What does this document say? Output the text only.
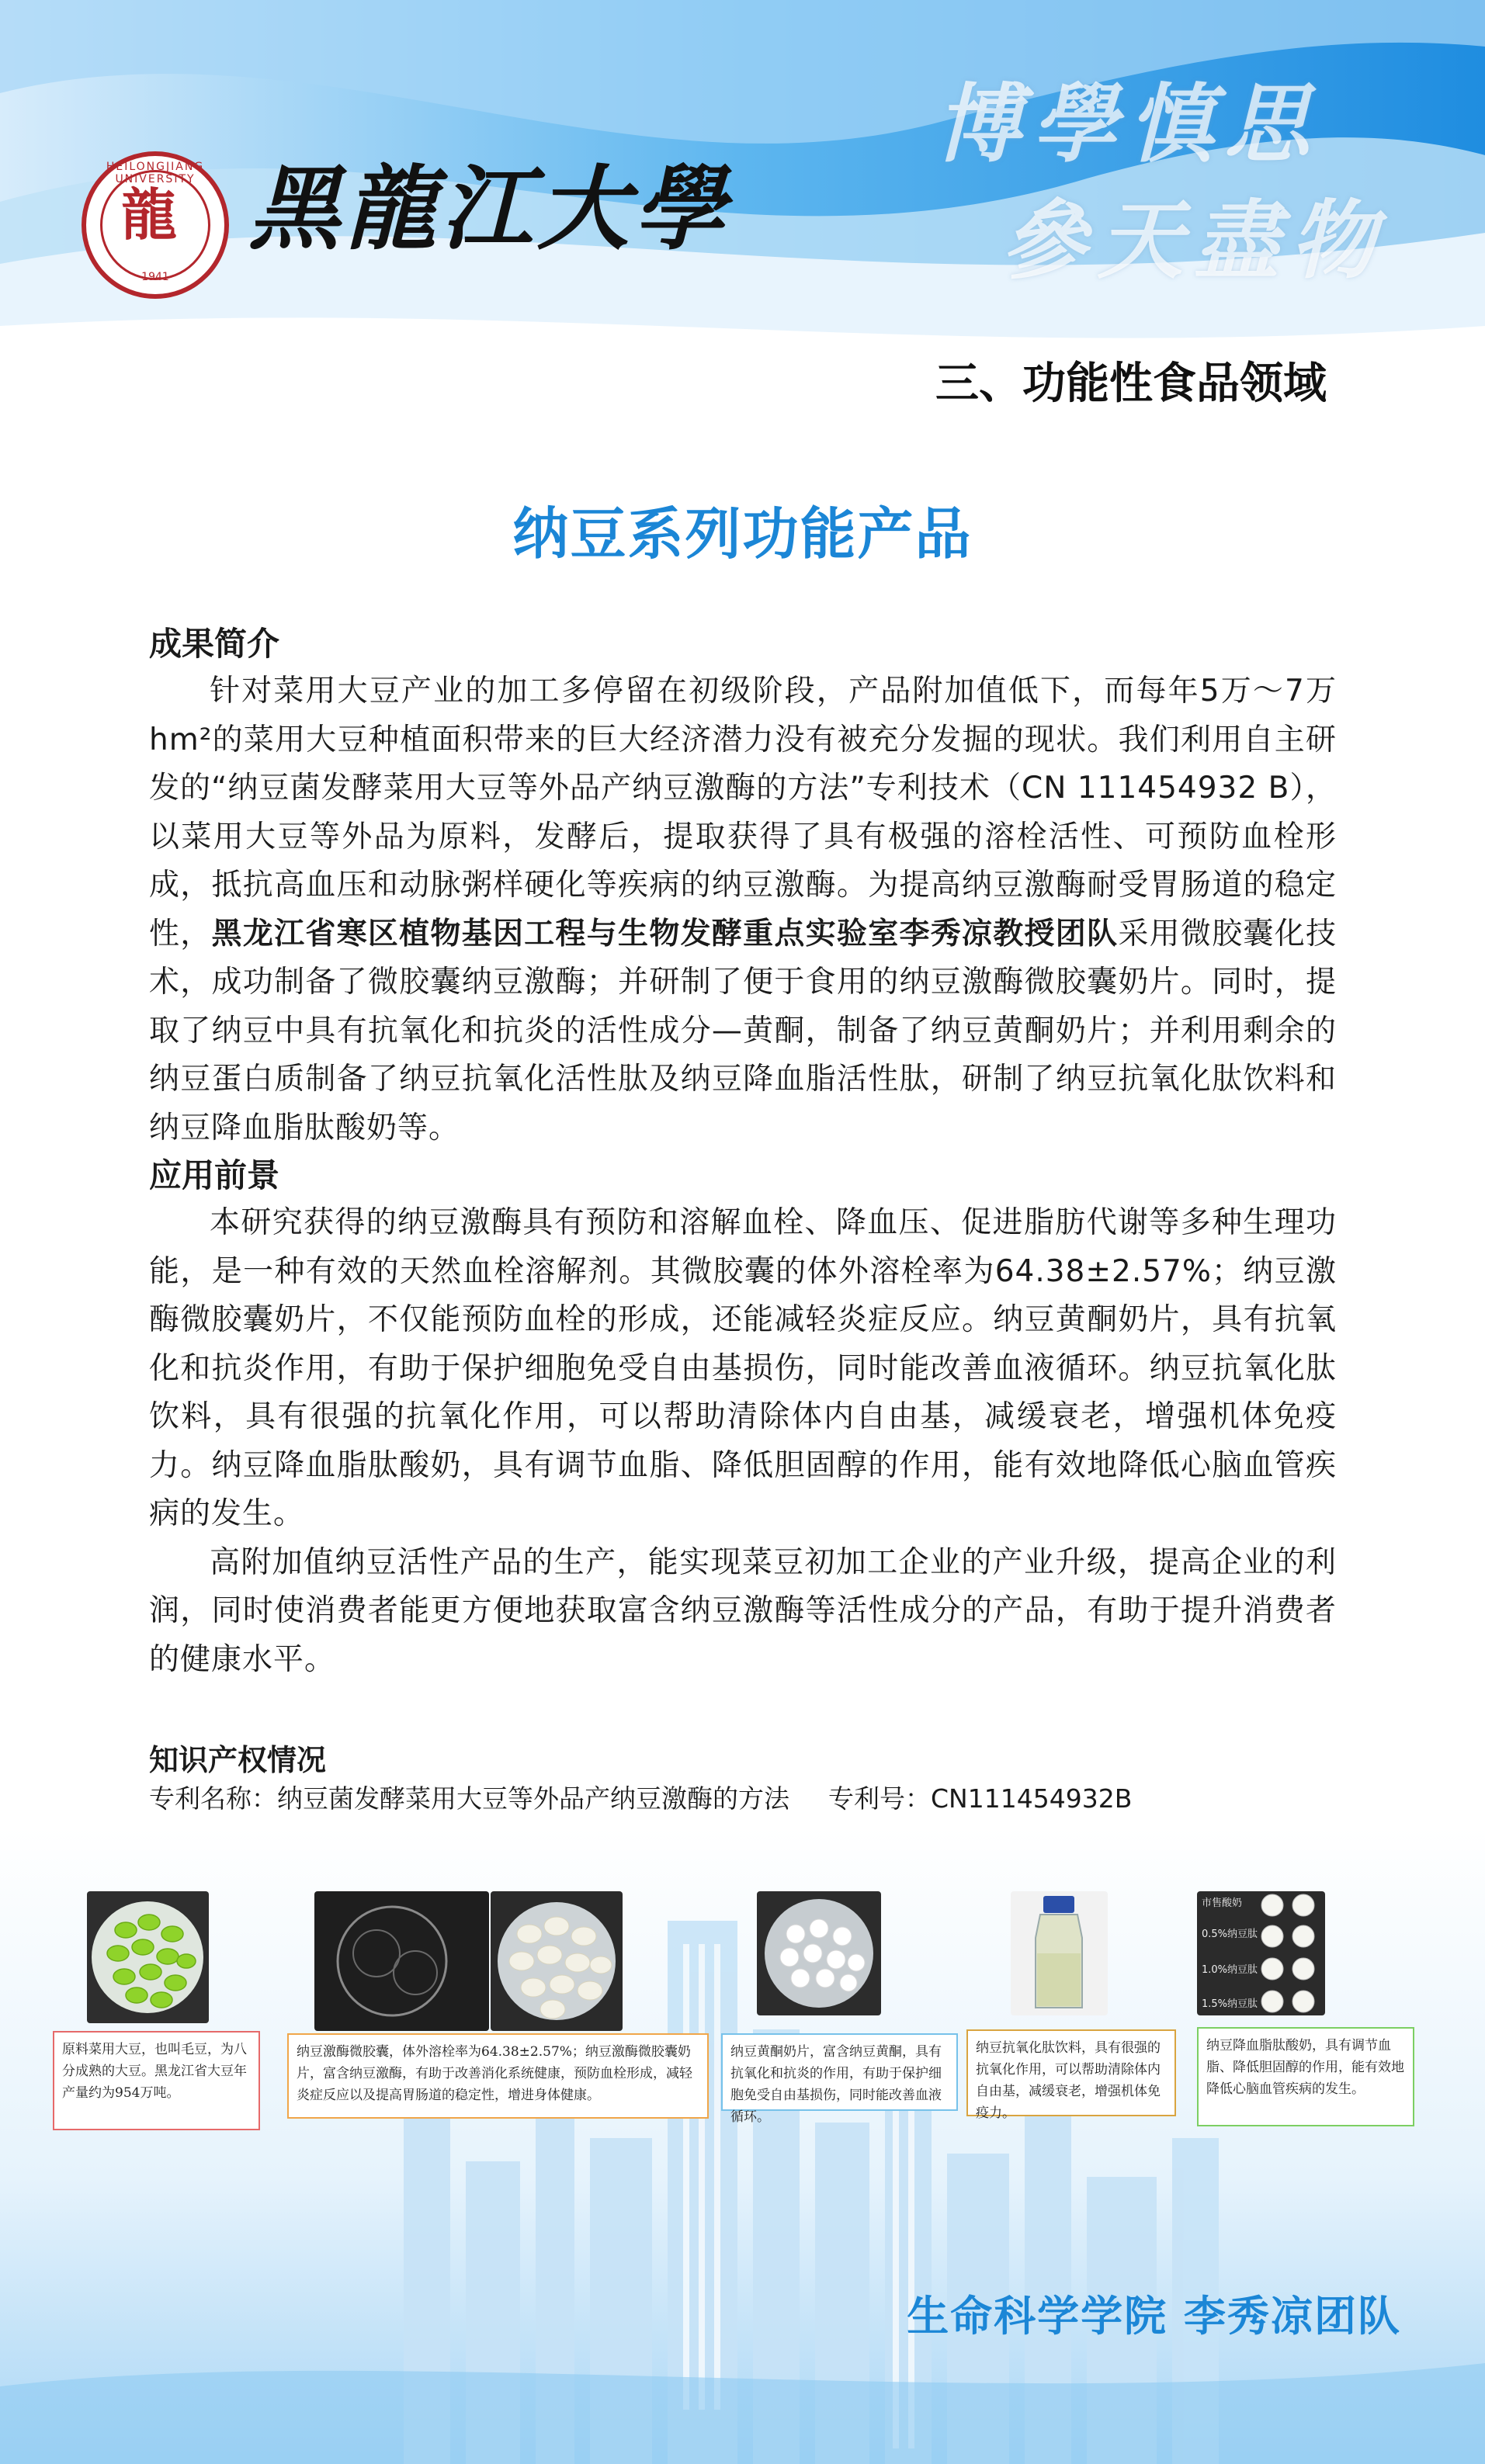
HEILONGJIANG UNIVERSITY
龍
1941
黑龍江大學
博學慎思
參天盡物
三、功能性食品领域
纳豆系列功能产品

成果简介

针对菜用大豆产业的加工多停留在初级阶段，产品附加值低下，而每年5万～7万hm²的菜用大豆种植面积带来的巨大经济潜力没有被充分发掘的现状。我们利用自主研发的“纳豆菌发酵菜用大豆等外品产纳豆激酶的方法”专利技术（CN 111454932 B），以菜用大豆等外品为原料，发酵后，提取获得了具有极强的溶栓活性、可预防血栓形成，抵抗高血压和动脉粥样硬化等疾病的纳豆激酶。为提高纳豆激酶耐受胃肠道的稳定性，黑龙江省寒区植物基因工程与生物发酵重点实验室李秀凉教授团队采用微胶囊化技术，成功制备了微胶囊纳豆激酶；并研制了便于食用的纳豆激酶微胶囊奶片。同时，提取了纳豆中具有抗氧化和抗炎的活性成分—黄酮，制备了纳豆黄酮奶片；并利用剩余的纳豆蛋白质制备了纳豆抗氧化活性肽及纳豆降血脂活性肽，研制了纳豆抗氧化肽饮料和纳豆降血脂肽酸奶等。

应用前景

本研究获得的纳豆激酶具有预防和溶解血栓、降血压、促进脂肪代谢等多种生理功能，是一种有效的天然血栓溶解剂。其微胶囊的体外溶栓率为64.38±2.57%；纳豆激酶微胶囊奶片，不仅能预防血栓的形成，还能减轻炎症反应。纳豆黄酮奶片，具有抗氧化和抗炎作用，有助于保护细胞免受自由基损伤，同时能改善血液循环。纳豆抗氧化肽饮料，具有很强的抗氧化作用，可以帮助清除体内自由基，减缓衰老，增强机体免疫力。纳豆降血脂肽酸奶，具有调节血脂、降低胆固醇的作用，能有效地降低心脑血管疾病的发生。

高附加值纳豆活性产品的生产，能实现菜豆初加工企业的产业升级，提高企业的利润，同时使消费者能更方便地获取富含纳豆激酶等活性成分的产品，有助于提升消费者的健康水平。

知识产权情况
专利名称：纳豆菌发酵菜用大豆等外品产纳豆激酶的方法 专利号：CN111454932B
市售酸奶
0.5%纳豆肽
1.0%纳豆肽
1.5%纳豆肽
原料菜用大豆，也叫毛豆，为八分成熟的大豆。黑龙江省大豆年产量约为954万吨。
纳豆激酶微胶囊，体外溶栓率为64.38±2.57%；纳豆激酶微胶囊奶片，富含纳豆激酶，有助于改善消化系统健康，预防血栓形成，减轻炎症反应以及提高胃肠道的稳定性，增进身体健康。
纳豆黄酮奶片，富含纳豆黄酮，具有抗氧化和抗炎的作用，有助于保护细胞免受自由基损伤，同时能改善血液循环。
纳豆抗氧化肽饮料，具有很强的抗氧化作用，可以帮助清除体内自由基，减缓衰老，增强机体免疫力。
纳豆降血脂肽酸奶，具有调节血脂、降低胆固醇的作用，能有效地降低心脑血管疾病的发生。
生命科学学院 李秀凉团队
